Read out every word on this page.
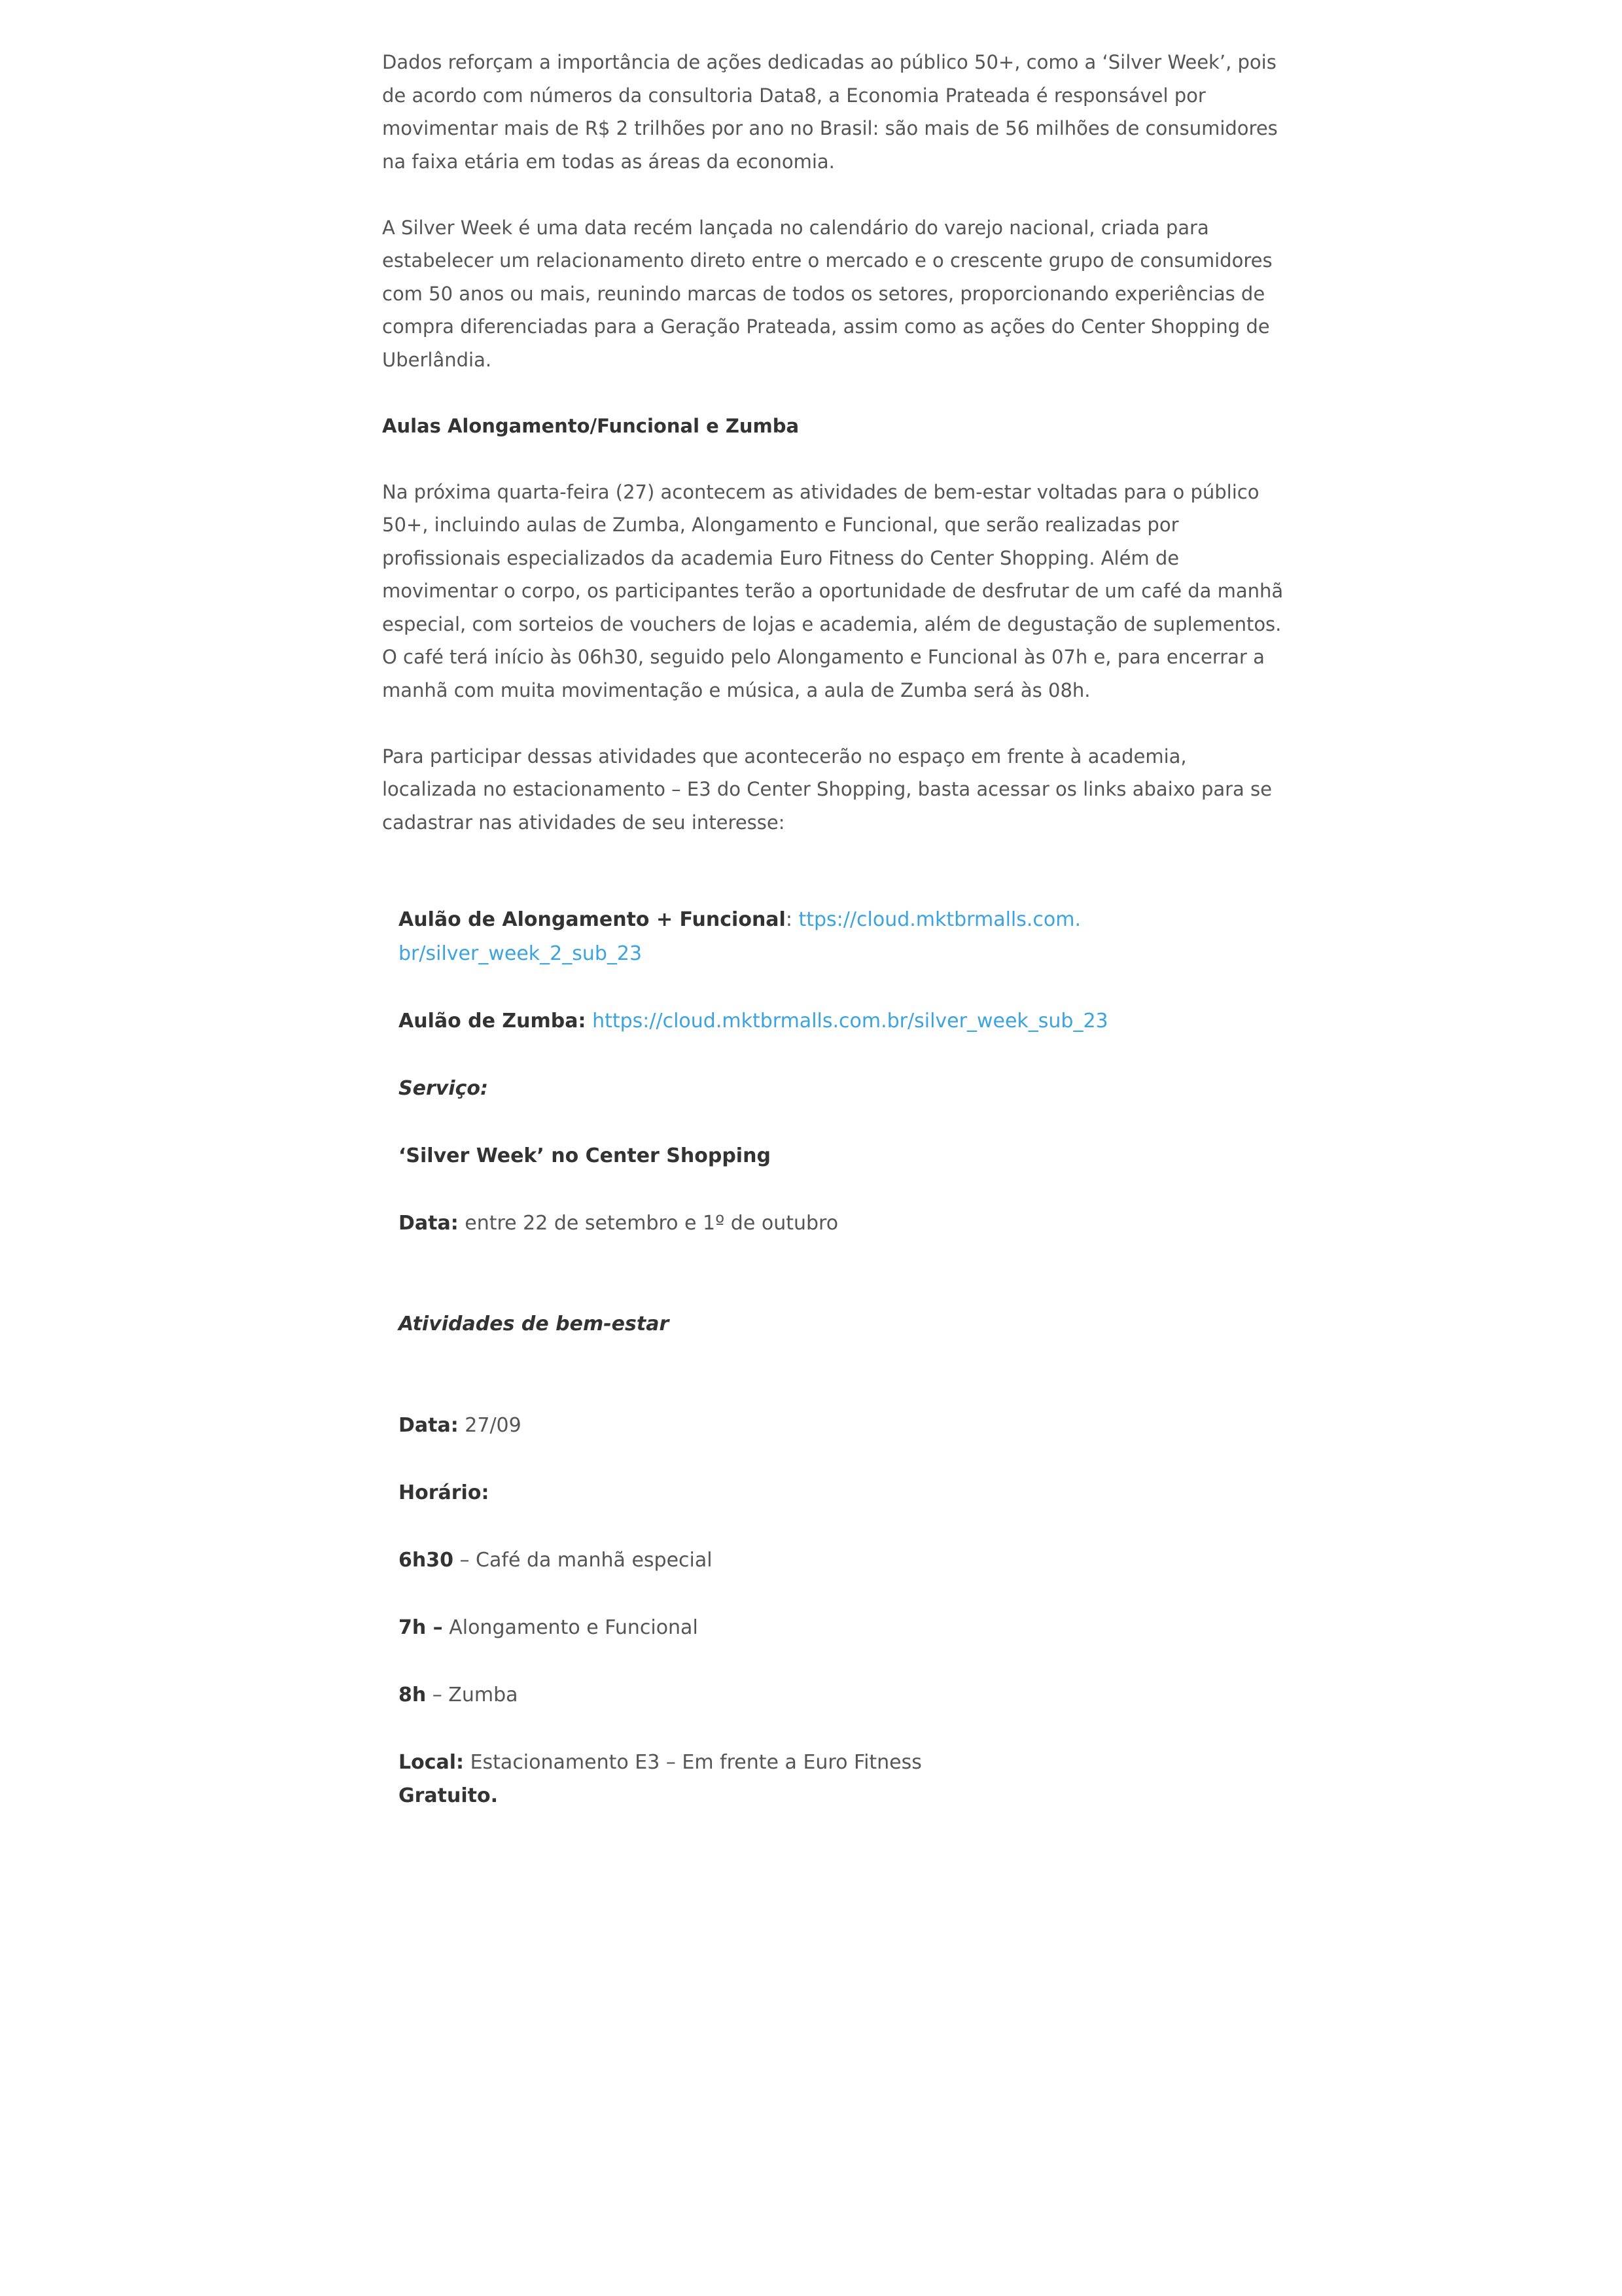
Dados reforçam a importância de ações dedicadas ao público 50+, como a ‘Silver Week’, pois de acordo com números da consultoria Data8, a Economia Prateada é responsável por movimentar mais de R$ 2 trilhões por ano no Brasil: são mais de 56 milhões de consumidores na faixa etária em todas as áreas da economia.

A Silver Week é uma data recém lançada no calendário do varejo nacional, criada para estabelecer um relacionamento direto entre o mercado e o crescente grupo de consumidores com 50 anos ou mais, reunindo marcas de todos os setores, proporcionando experiências de compra diferenciadas para a Geração Prateada, assim como as ações do Center Shopping de Uberlândia.

Aulas Alongamento/Funcional e Zumba

Na próxima quarta-feira (27) acontecem as atividades de bem-estar voltadas para o público 50+, incluindo aulas de Zumba, Alongamento e Funcional, que serão realizadas por profissionais especializados da academia Euro Fitness do Center Shopping. Além de movimentar o corpo, os participantes terão a oportunidade de desfrutar de um café da manhã especial, com sorteios de vouchers de lojas e academia, além de degustação de suplementos. O café terá início às 06h30, seguido pelo Alongamento e Funcional às 07h e, para encerrar a manhã com muita movimentação e música, a aula de Zumba será às 08h.

Para participar dessas atividades que acontecerão no espaço em frente à academia, localizada no estacionamento – E3 do Center Shopping, basta acessar os links abaixo para se cadastrar nas atividades de seu interesse:

Aulão de Alongamento + Funcional: ttps://cloud.mktbrmalls.com.
br/silver_week_2_sub_23
Aulão de Zumba: https://cloud.mktbrmalls.com.br/silver_week_sub_23
Serviço:
‘Silver Week’ no Center Shopping
Data: entre 22 de setembro e 1º de outubro
Atividades de bem-estar
Data: 27/09
Horário:
6h30 – Café da manhã especial
7h – Alongamento e Funcional
8h – Zumba
Local: Estacionamento E3 – Em frente a Euro Fitness
Gratuito.
